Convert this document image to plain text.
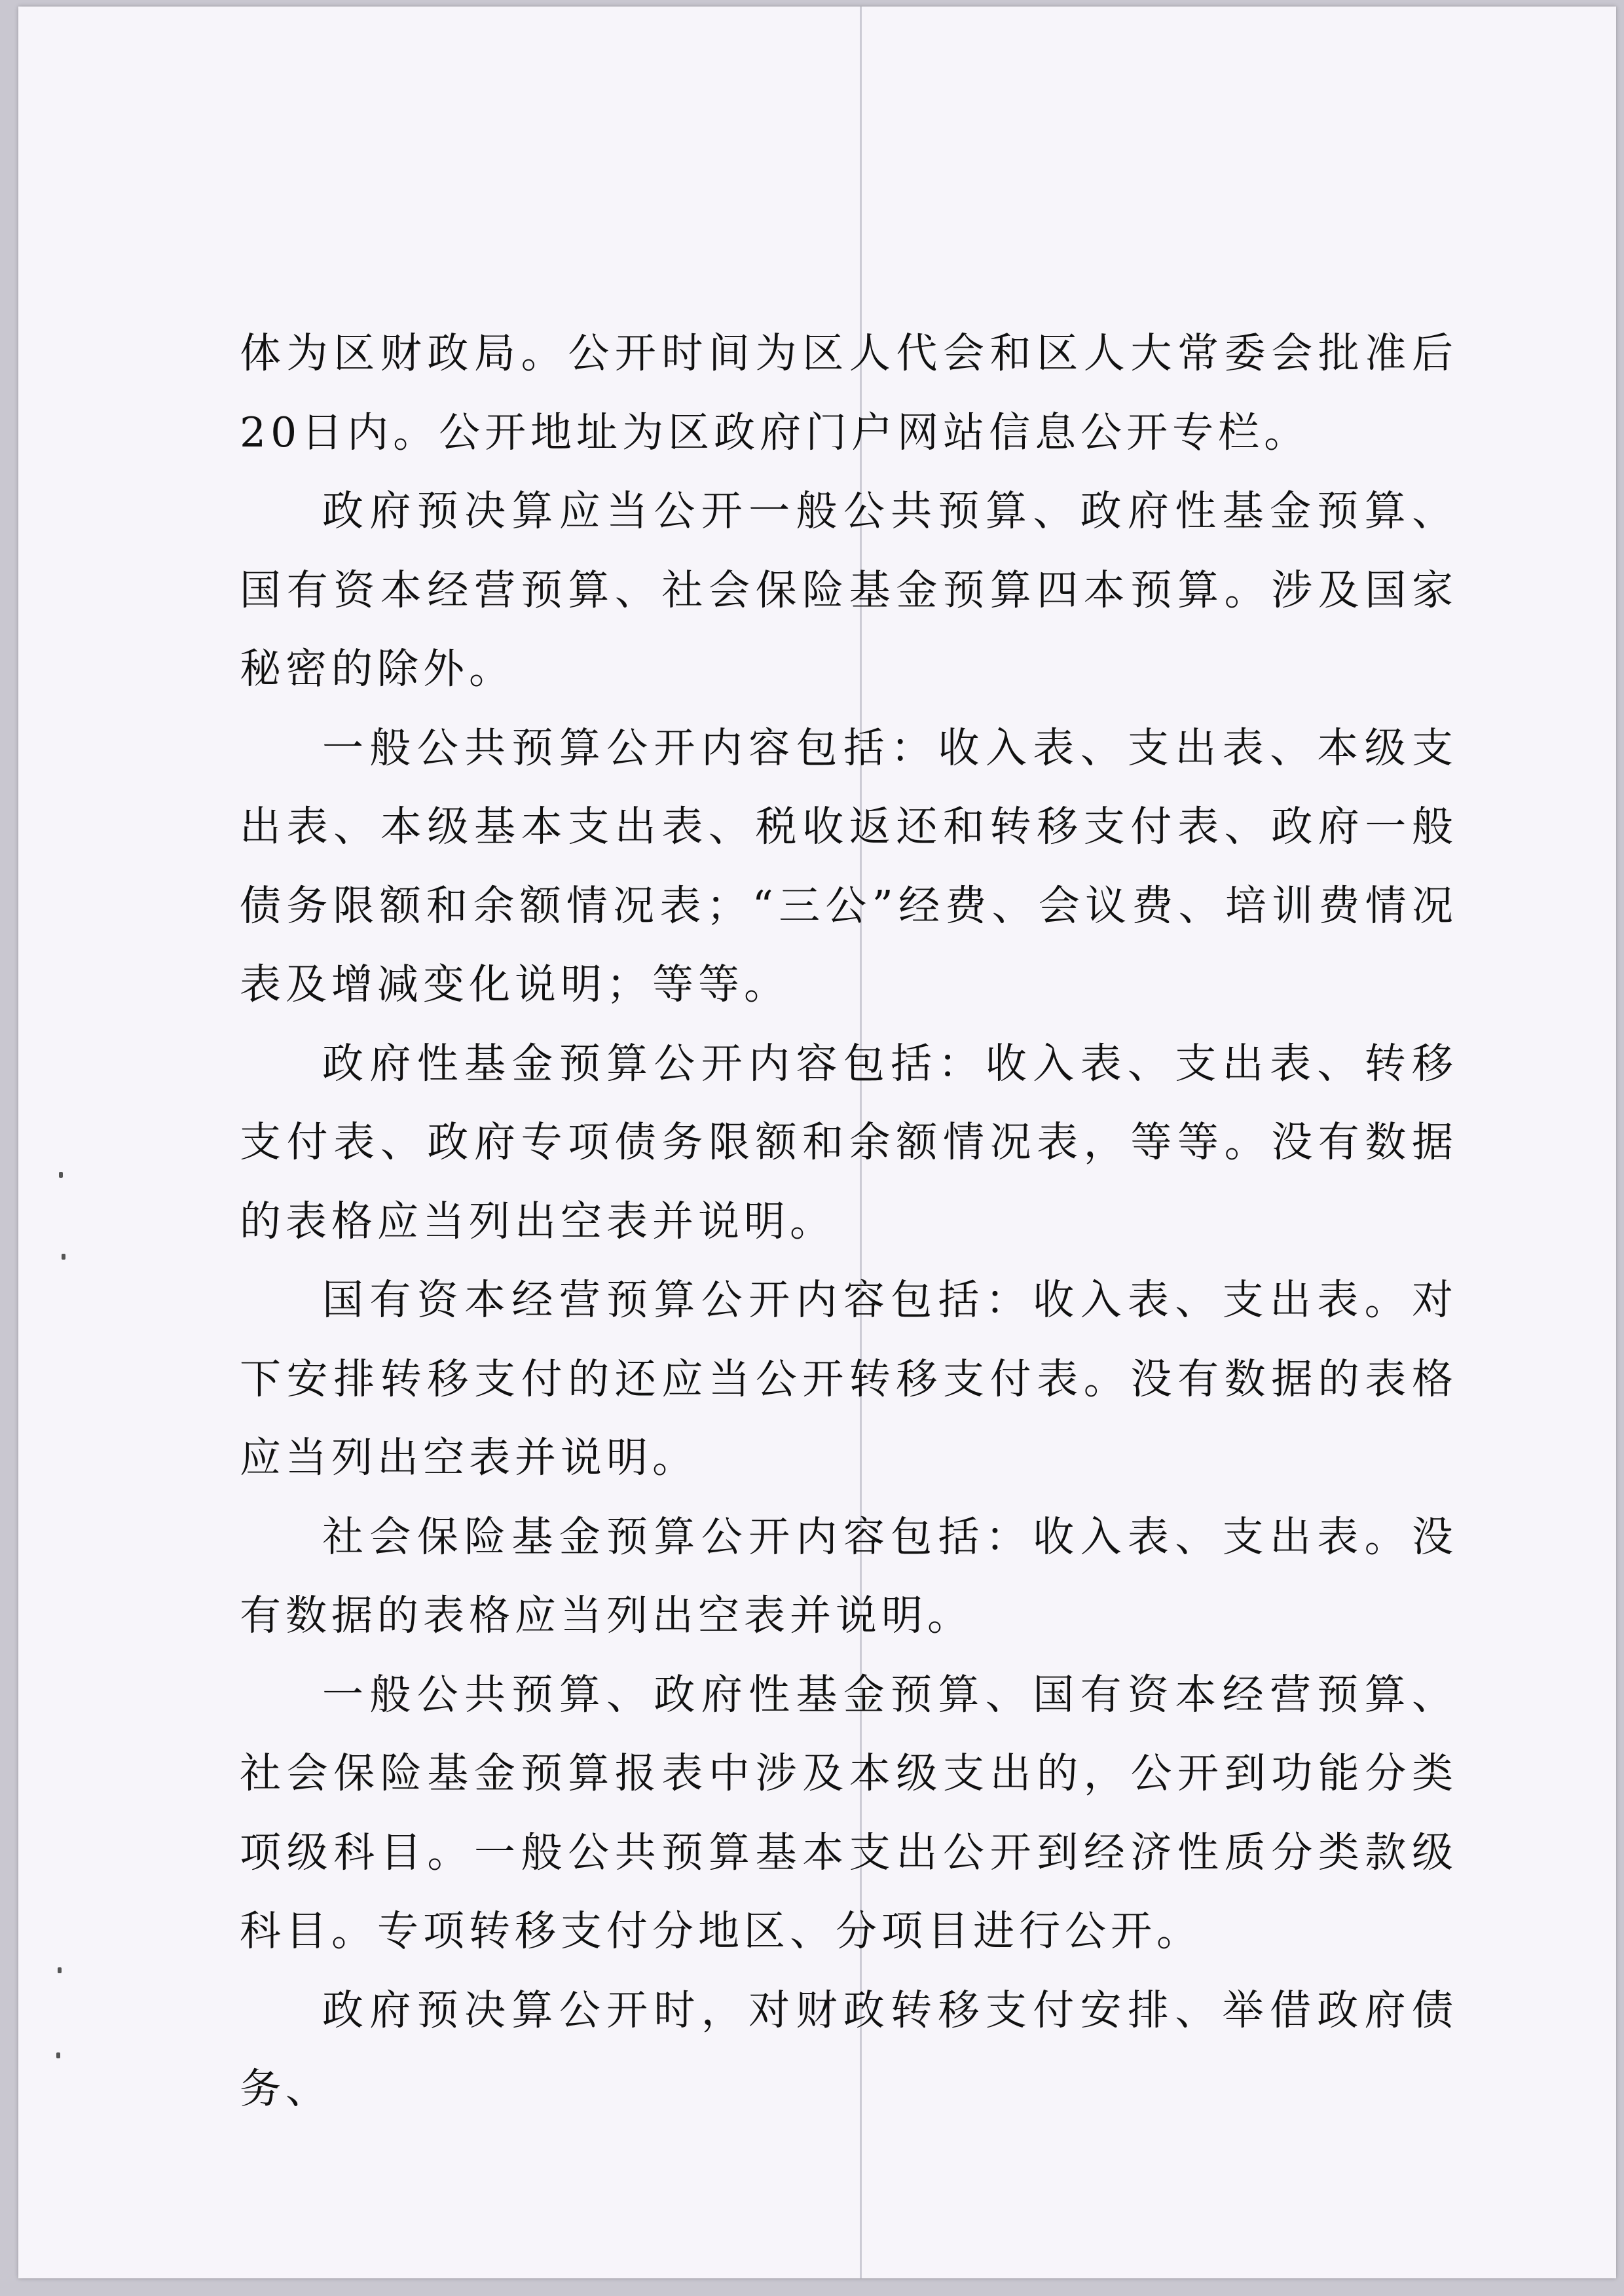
体为区财政局。公开时间为区人代会和区人大常委会批准后20日内。公开地址为区政府门户网站信息公开专栏。

政府预决算应当公开一般公共预算、政府性基金预算、国有资本经营预算、社会保险基金预算四本预算。涉及国家秘密的除外。

一般公共预算公开内容包括：收入表、支出表、本级支出表、本级基本支出表、税收返还和转移支付表、政府一般债务限额和余额情况表；“三公”经费、会议费、培训费情况表及增减变化说明；等等。

政府性基金预算公开内容包括：收入表、支出表、转移支付表、政府专项债务限额和余额情况表，等等。没有数据的表格应当列出空表并说明。

国有资本经营预算公开内容包括：收入表、支出表。对下安排转移支付的还应当公开转移支付表。没有数据的表格应当列出空表并说明。

社会保险基金预算公开内容包括：收入表、支出表。没有数据的表格应当列出空表并说明。

一般公共预算、政府性基金预算、国有资本经营预算、社会保险基金预算报表中涉及本级支出的，公开到功能分类项级科目。一般公共预算基本支出公开到经济性质分类款级科目。专项转移支付分地区、分项目进行公开。

政府预决算公开时，对财政转移支付安排、举借政府债务、
